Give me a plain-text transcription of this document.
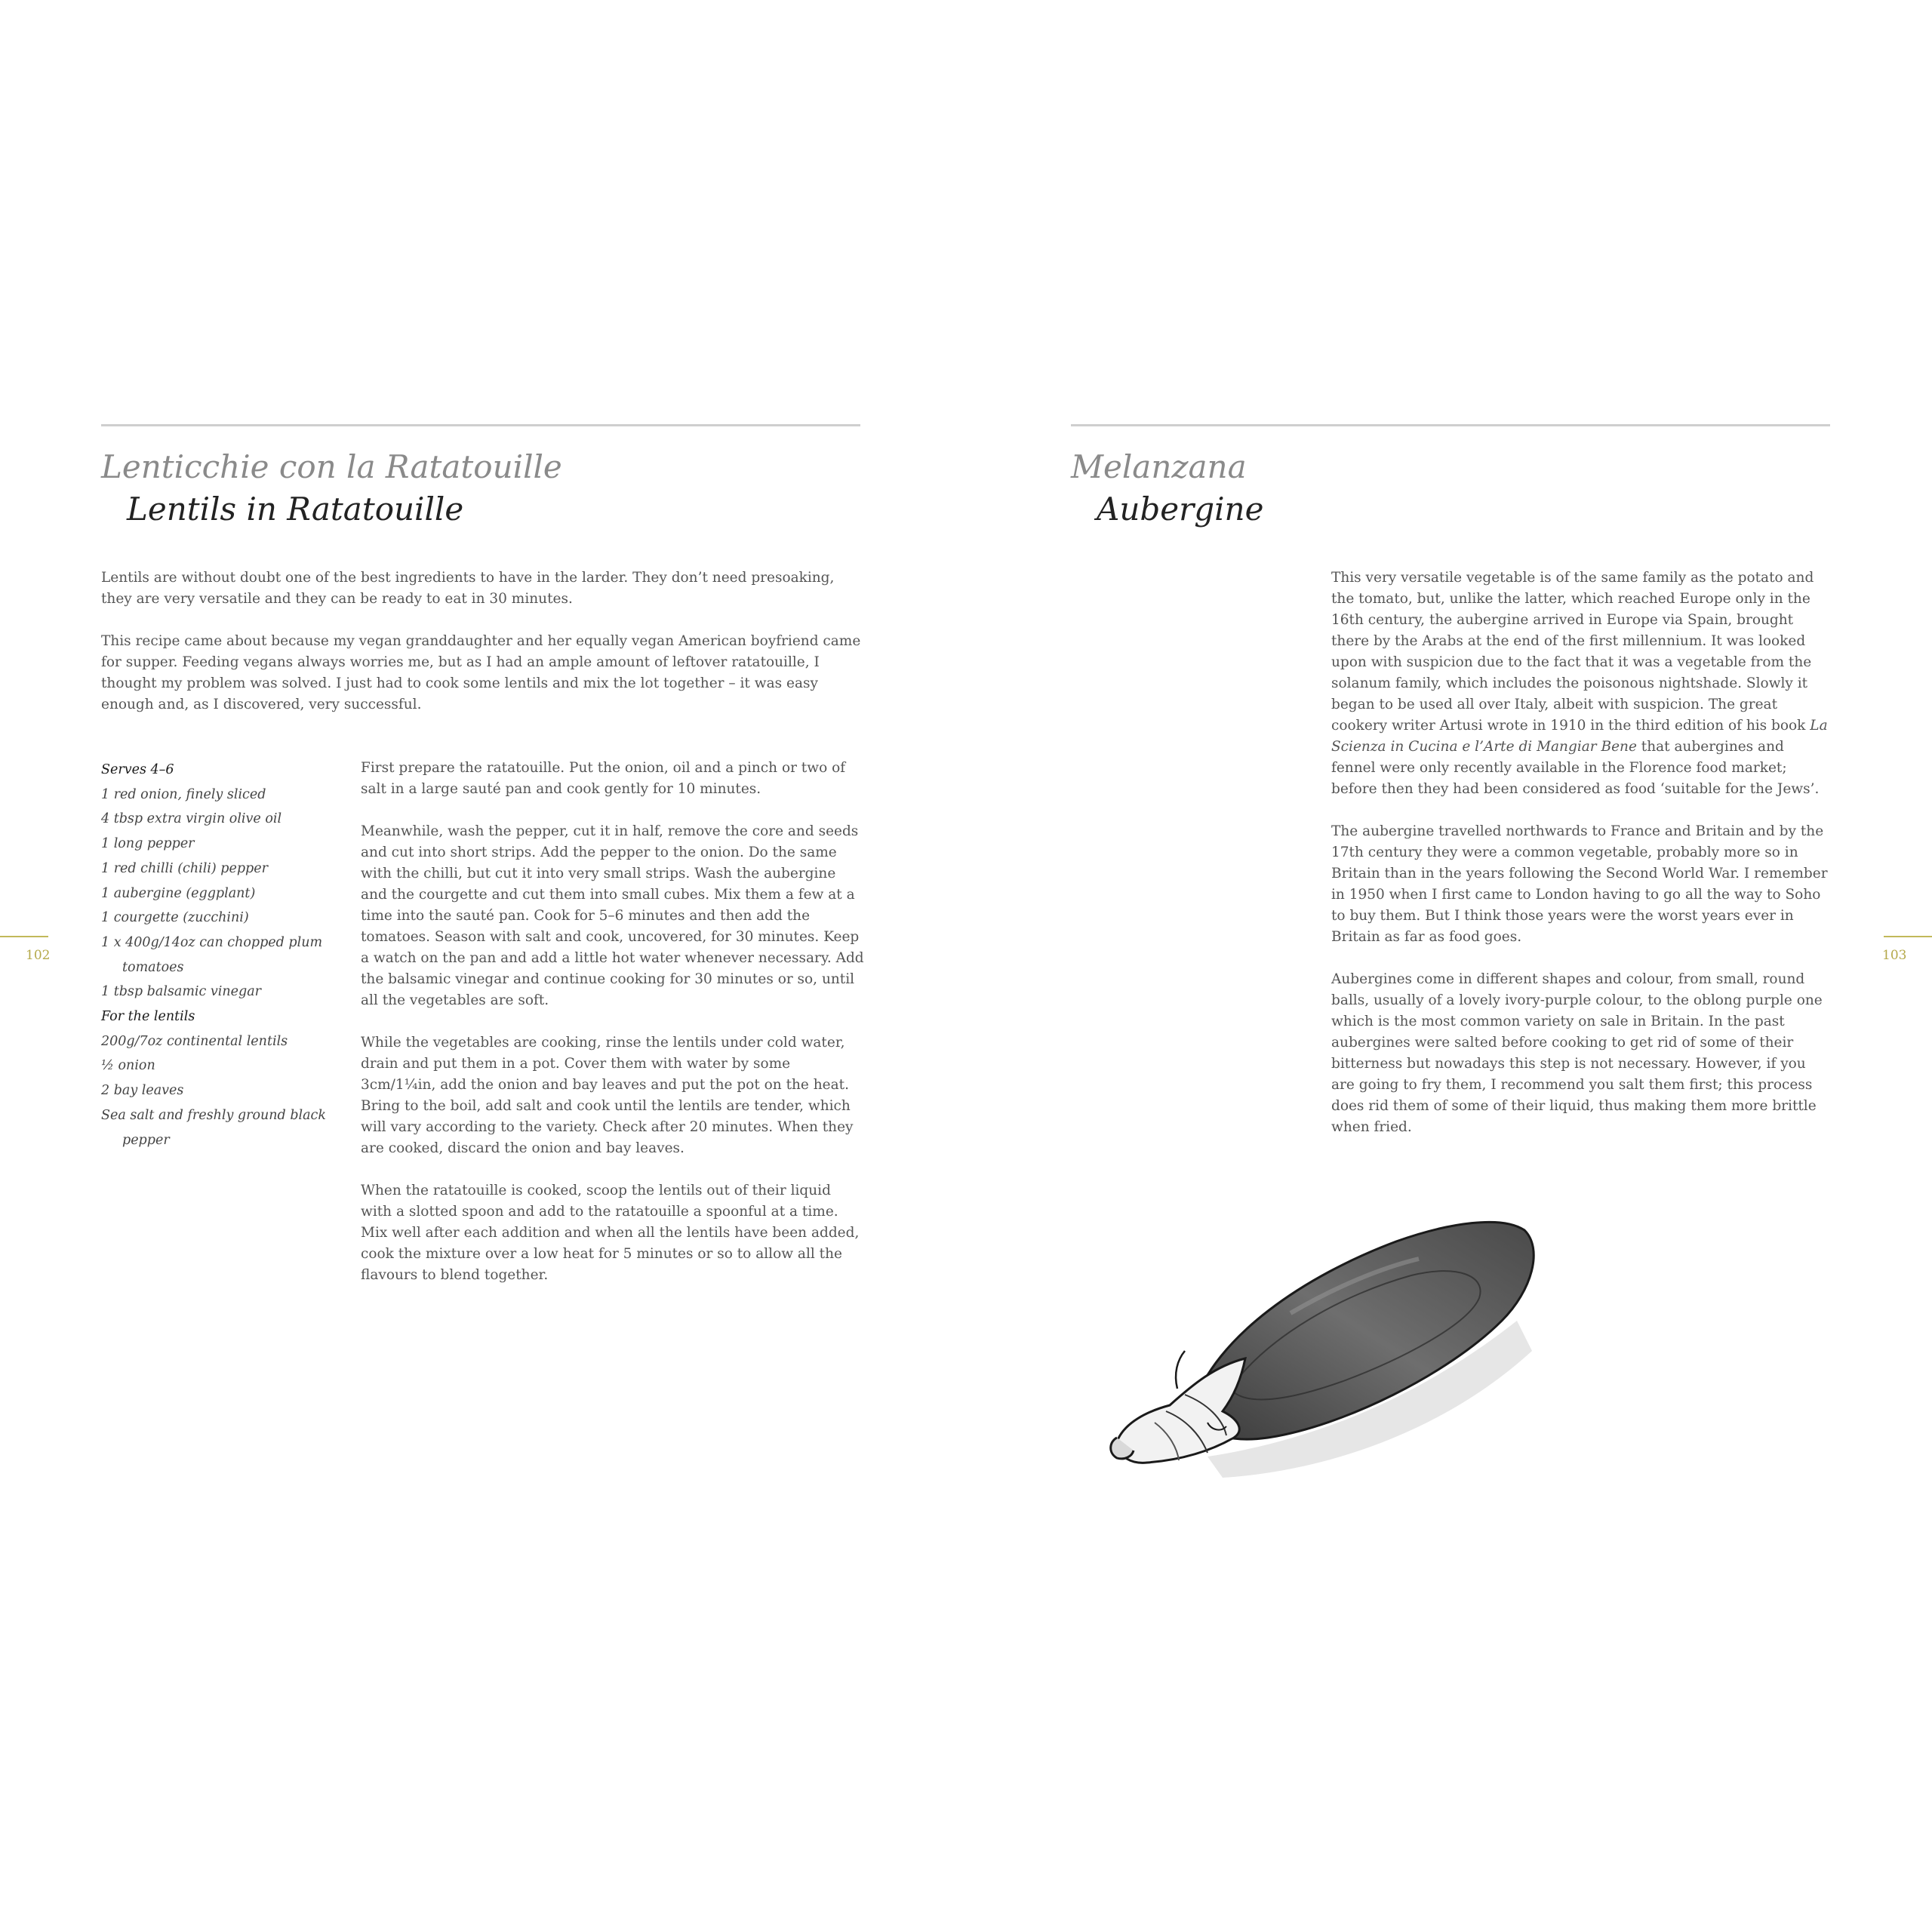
Lenticchie con la Ratatouille
Lentils in Ratatouille

Lentils are without doubt one of the best ingredients to have in the larder. They don’t need presoaking, they are very versatile and they can be ready to eat in 30 minutes.

This recipe came about because my vegan granddaughter and her equally vegan American boyfriend came for supper. Feeding vegans always worries me, but as I had an ample amount of leftover ratatouille, I thought my problem was solved. I just had to cook some lentils and mix the lot together – it was easy enough and, as I discovered, very successful.

Serves 4–6
1 red onion, finely sliced
4 tbsp extra virgin olive oil
1 long pepper
1 red chilli (chili) pepper
1 aubergine (eggplant)
1 courgette (zucchini)
1 x 400g/14oz can chopped plum
tomatoes
1 tbsp balsamic vinegar
For the lentils
200g/7oz continental lentils
½ onion
2 bay leaves
Sea salt and freshly ground black
pepper

First prepare the ratatouille. Put the onion, oil and a pinch or two of salt in a large sauté pan and cook gently for 10 minutes.

Meanwhile, wash the pepper, cut it in half, remove the core and seeds and cut into short strips. Add the pepper to the onion. Do the same with the chilli, but cut it into very small strips. Wash the aubergine and the courgette and cut them into small cubes. Mix them a few at a time into the sauté pan. Cook for 5–6 minutes and then add the tomatoes. Season with salt and cook, uncovered, for 30 minutes. Keep a watch on the pan and add a little hot water whenever necessary. Add the balsamic vinegar and continue cooking for 30 minutes or so, until all the vegetables are soft.

While the vegetables are cooking, rinse the lentils under cold water, drain and put them in a pot. Cover them with water by some 3cm/1¼in, add the onion and bay leaves and put the pot on the heat. Bring to the boil, add salt and cook until the lentils are tender, which will vary according to the variety. Check after 20 minutes. When they are cooked, discard the onion and bay leaves.

When the ratatouille is cooked, scoop the lentils out of their liquid with a slotted spoon and add to the ratatouille a spoonful at a time. Mix well after each addition and when all the lentils have been added, cook the mixture over a low heat for 5 minutes or so to allow all the flavours to blend together.

102
Melanzana
Aubergine

This very versatile vegetable is of the same family as the potato and the tomato, but, unlike the latter, which reached Europe only in the 16th century, the aubergine arrived in Europe via Spain, brought there by the Arabs at the end of the first millennium. It was looked upon with suspicion due to the fact that it was a vegetable from the solanum family, which includes the poisonous nightshade. Slowly it began to be used all over Italy, albeit with suspicion. The great cookery writer Artusi wrote in 1910 in the third edition of his book La Scienza in Cucina e l’Arte di Mangiar Bene that aubergines and fennel were only recently available in the Florence food market; before then they had been considered as food ‘suitable for the Jews’.

The aubergine travelled northwards to France and Britain and by the 17th century they were a common vegetable, probably more so in Britain than in the years following the Second World War. I remember in 1950 when I first came to London having to go all the way to Soho to buy them. But I think those years were the worst years ever in Britain as far as food goes.

Aubergines come in different shapes and colour, from small, round balls, usually of a lovely ivory-purple colour, to the oblong purple one which is the most common variety on sale in Britain. In the past aubergines were salted before cooking to get rid of some of their bitterness but nowadays this step is not necessary. However, if you are going to fry them, I recommend you salt them first; this process does rid them of some of their liquid, thus making them more brittle when fried.

103
